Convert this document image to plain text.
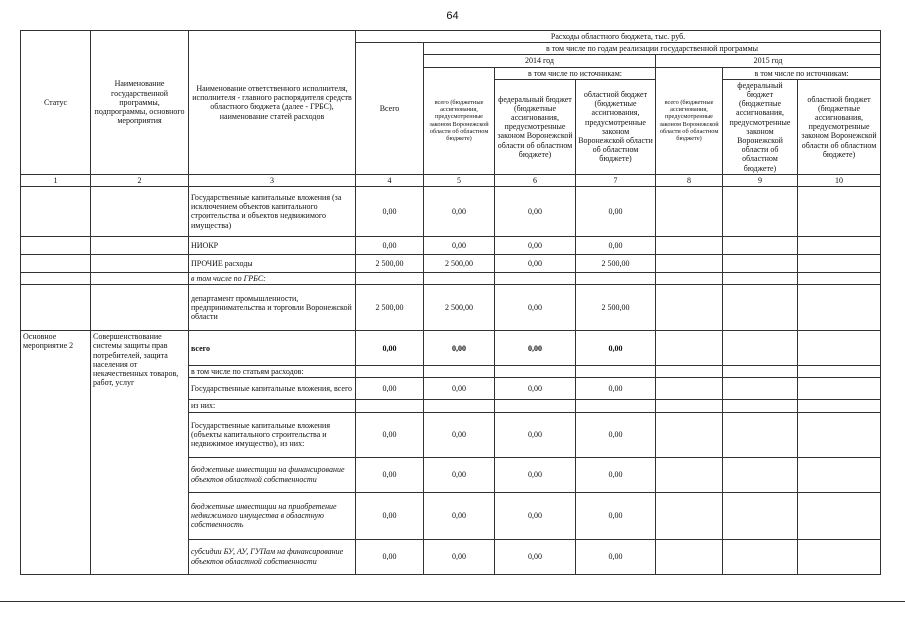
64
Статус	Наименование государственной программы, подпрограммы, основного мероприятия	Наименование ответственного исполнителя, исполнителя - главного распорядителя средств областного бюджета (далее - ГРБС), наименование статей расходов	Расходы областного бюджета, тыс. руб.						
			Всего	в том числе по годам реализации государственной программы					
				2014 год			2015 год		
				всего (бюджетные ассигнования, предусмотренные законом Воронежской области об областном бюджете)	в том числе по источникам:		всего (бюджетные ассигнования, предусмотренные законом Воронежской области об областном бюджете)	в том числе по источникам:	
					федеральный бюджет (бюджетные ассигнования, предусмотренные законом Воронежской области об областном бюджете)	областной бюджет (бюджетные ассигнования, предусмотренные законом Воронежской области об областном бюджете)		федеральный бюджет (бюджетные ассигнования, предусмотренные законом Воронежской области об областном бюджете)	областной бюджет (бюджетные ассигнования, предусмотренные законом Воронежской области об областном бюджете)
1	2	3	4	5	6	7	8	9	10
		Государственные капитальные вложения (за исключением объектов капитального строительства и объектов недвижимого имущества)	0,00	0,00	0,00	0,00			
		НИОКР	0,00	0,00	0,00	0,00			
		ПРОЧИЕ расходы	2 500,00	2 500,00	0,00	2 500,00			
		в том числе по ГРБС:							
		департамент промышленности, предпринимательства и торговли Воронежской области	2 500,00	2 500,00	0,00	2 500,00			
Основное мероприятие 2	Совершенствование системы защиты прав потребителей, защита населения от некачественных товаров, работ, услуг	всего	0,00	0,00	0,00	0,00			
		в том числе по статьям расходов:							
		Государственные капитальные вложения, всего	0,00	0,00	0,00	0,00			
		из них:							
		Государственные капитальные вложения (объекты капитального строительства и недвижимое имущество), из них:	0,00	0,00	0,00	0,00			
		бюджетные инвестиции на финансирование объектов областной собственности	0,00	0,00	0,00	0,00			
		бюджетные инвестиции на приобретение недвижимого имущества в областную собственность	0,00	0,00	0,00	0,00			
		субсидии БУ, АУ, ГУПам на финансирование объектов областной собственности	0,00	0,00	0,00	0,00			
